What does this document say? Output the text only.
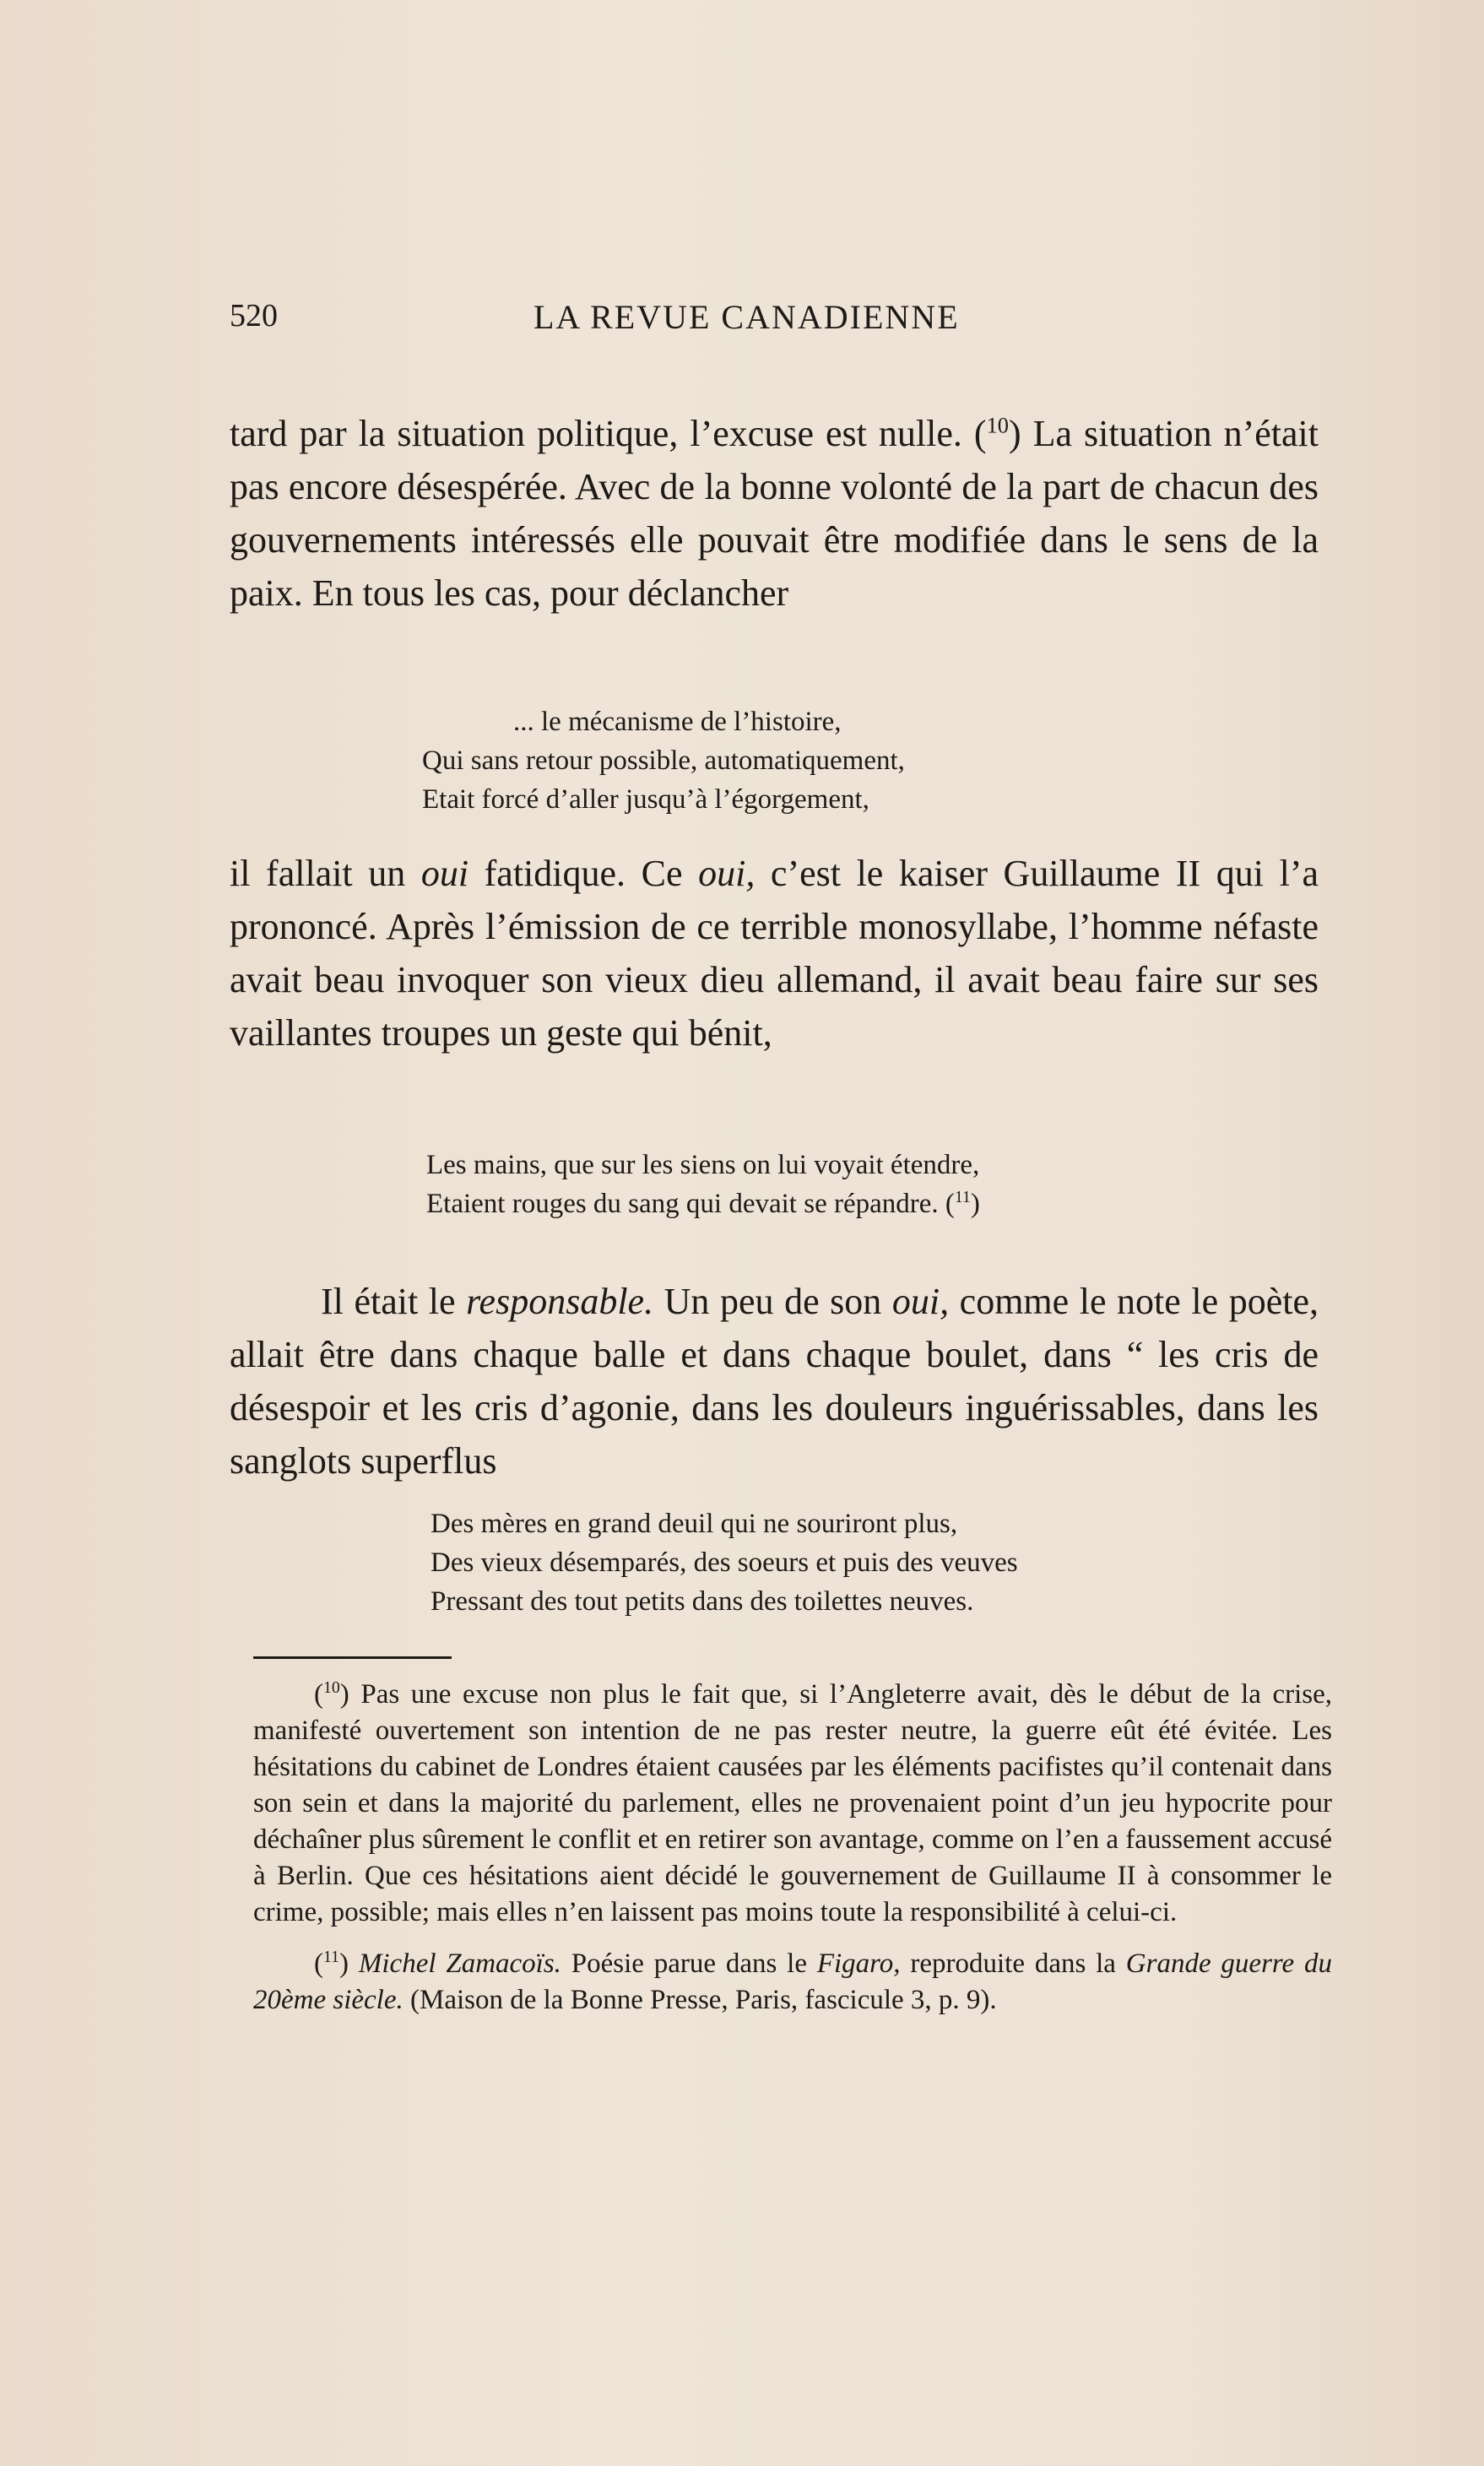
520	LA REVUE CANADIENNE

tard par la situation politique, l’excuse est nulle. ($^{10}$) La situation n’était pas encore désespérée. Avec de la bonne volonté de la part de chacun des gouvernements intéressés elle pouvait être modifiée dans le sens de la paix. En tous les cas, pour déclancher

... le mécanisme de l’histoire,
Qui sans retour possible, automatiquement,
Etait forcé d’aller jusqu’à l’égorgement,

il fallait un oui fatidique. Ce oui, c’est le kaiser Guillaume II qui l’a prononcé. Après l’émission de ce terrible monosyllabe, l’homme néfaste avait beau invoquer son vieux dieu allemand, il avait beau faire sur ses vaillantes troupes un geste qui bénit,

Les mains, que sur les siens on lui voyait étendre,
Etaient rouges du sang qui devait se répandre. ($^{11}$)

Il était le responsable. Un peu de son oui, comme le note le poète, allait être dans chaque balle et dans chaque boulet, dans “ les cris de désespoir et les cris d’agonie, dans les douleurs inguérissables, dans les sanglots superflus

Des mères en grand deuil qui ne souriront plus,
Des vieux désemparés, des soeurs et puis des veuves
Pressant des tout petits dans des toilettes neuves.

($^{10}$) Pas une excuse non plus le fait que, si l’Angleterre avait, dès le début de la crise, manifesté ouvertement son intention de ne pas rester neutre, la guerre eût été évitée. Les hésitations du cabinet de Londres étaient causées par les éléments pacifistes qu’il contenait dans son sein et dans la majorité du parlement, elles ne provenaient point d’un jeu hypocrite pour déchaîner plus sûrement le conflit et en retirer son avantage, comme on l’en a faussement accusé à Berlin. Que ces hésitations aient décidé le gouvernement de Guillaume II à consommer le crime, possible; mais elles n’en laissent pas moins toute la responsibilité à celui-ci.

($^{11}$) Michel Zamacoïs. Poésie parue dans le Figaro, reproduite dans la Grande guerre du 20ème siècle. (Maison de la Bonne Presse, Paris, fascicule 3, p. 9).
